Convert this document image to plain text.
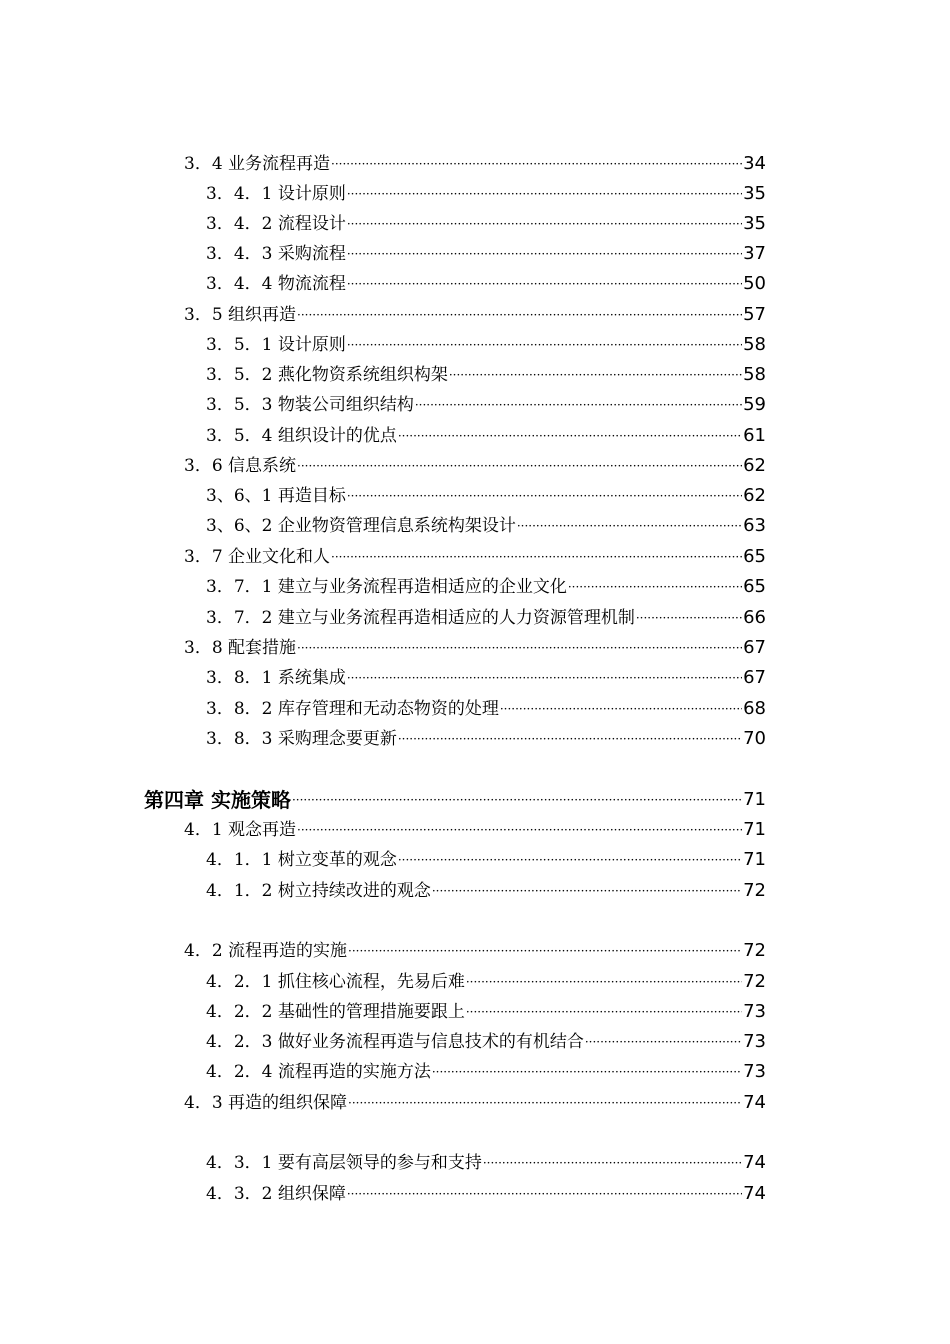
3．4 业务流程再造 ·····	34
3．4．1 设计原则 ·····	35
3．4．2 流程设计 ·····	35
3．4．3 采购流程 ·····	37
3．4．4 物流流程 ·····	50
3．5 组织再造 ·····	57
3．5．1 设计原则 ·····	58
3．5．2 燕化物资系统组织构架 ·····	58
3．5．3 物装公司组织结构 ·····	59
3．5．4 组织设计的优点 ·····	61
3．6 信息系统 ·····	62
3、6、1 再造目标 ·····	62
3、6、2 企业物资管理信息系统构架设计 ·····	63
3．7 企业文化和人 ·····	65
3．7．1 建立与业务流程再造相适应的企业文化 ·····	65
3．7．2 建立与业务流程再造相适应的人力资源管理机制 ·····	66
3．8 配套措施 ·····	67
3．8．1 系统集成 ·····	67
3．8．2 库存管理和无动态物资的处理 ·····	68
3．8．3 采购理念要更新 ·····	70
第四章 实施策略 ·····	71
4．1 观念再造 ·····	71
4．1．1 树立变革的观念 ·····	71
4．1．2 树立持续改进的观念 ·····	72
4．2 流程再造的实施 ·····	72
4．2．1 抓住核心流程，先易后难 ·····	72
4．2．2 基础性的管理措施要跟上 ·····	73
4．2．3 做好业务流程再造与信息技术的有机结合 ·····	73
4．2．4 流程再造的实施方法 ·····	73
4．3 再造的组织保障 ·····	74
4．3．1 要有高层领导的参与和支持 ·····	74
4．3．2 组织保障 ·····	74
